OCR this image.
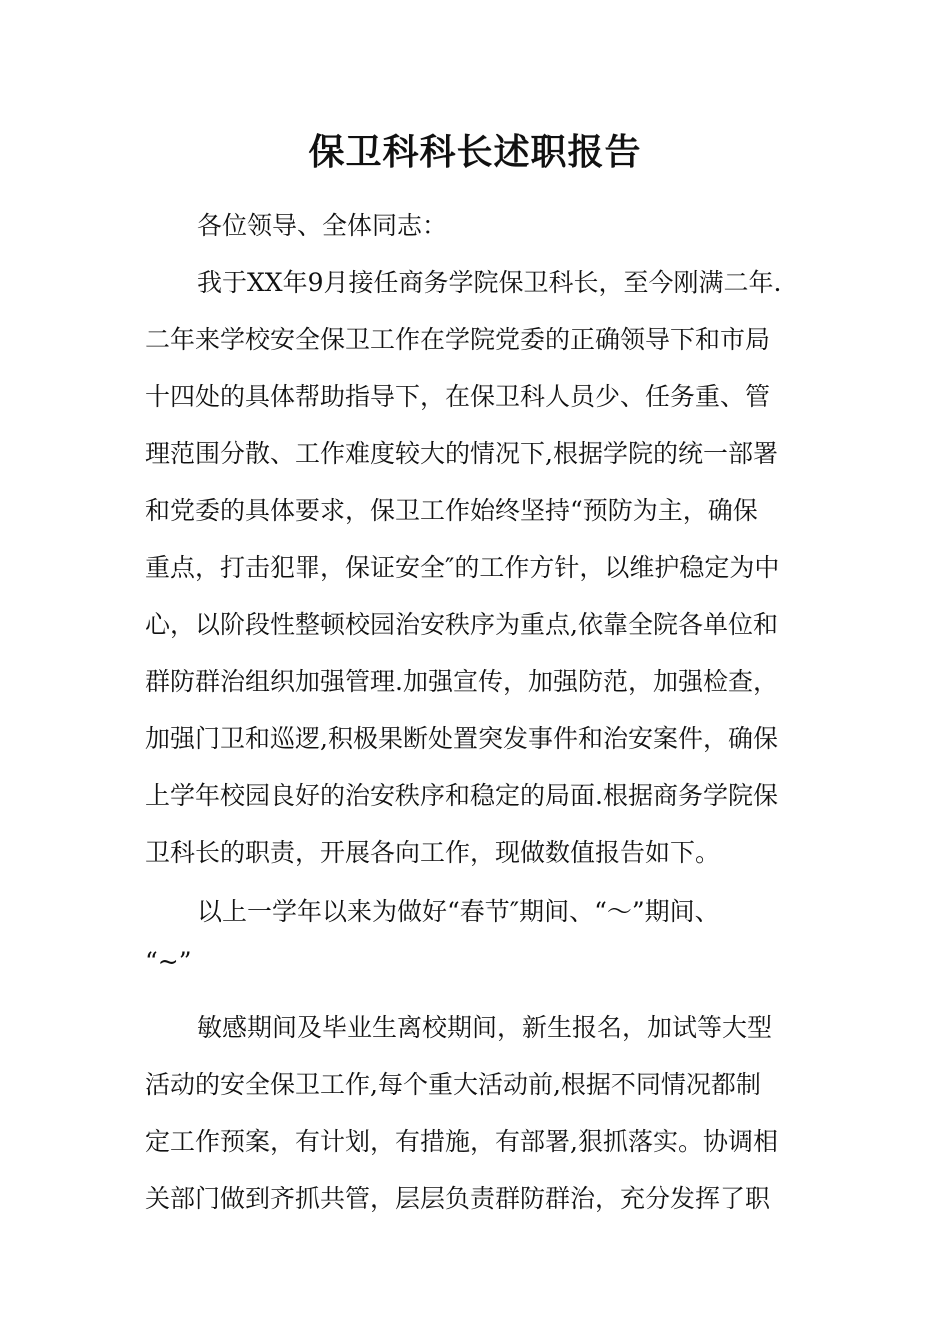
保卫科科长述职报告
各位领导、全体同志：
我于XX年9月接任商务学院保卫科长，至今刚满二年.
二年来学校安全保卫工作在学院党委的正确领导下和市局
十四处的具体帮助指导下，在保卫科人员少、任务重、管
理范围分散、工作难度较大的情况下,根据学院的统一部署
和党委的具体要求，保卫工作始终坚持“预防为主，确保
重点，打击犯罪，保证安全″的工作方针，以维护稳定为中
心，以阶段性整顿校园治安秩序为重点,依靠全院各单位和
群防群治组织加强管理.加强宣传，加强防范，加强检查，
加强门卫和巡逻,积极果断处置突发事件和治安案件，确保
上学年校园良好的治安秩序和稳定的局面.根据商务学院保
卫科长的职责，开展各向工作，现做数值报告如下。
以上一学年以来为做好“春节″期间、“～”期间、
“~”
敏感期间及毕业生离校期间，新生报名，加试等大型
活动的安全保卫工作,每个重大活动前,根据不同情况都制
定工作预案，有计划，有措施，有部署,狠抓落实。协调相
关部门做到齐抓共管，层层负责群防群治，充分发挥了职
